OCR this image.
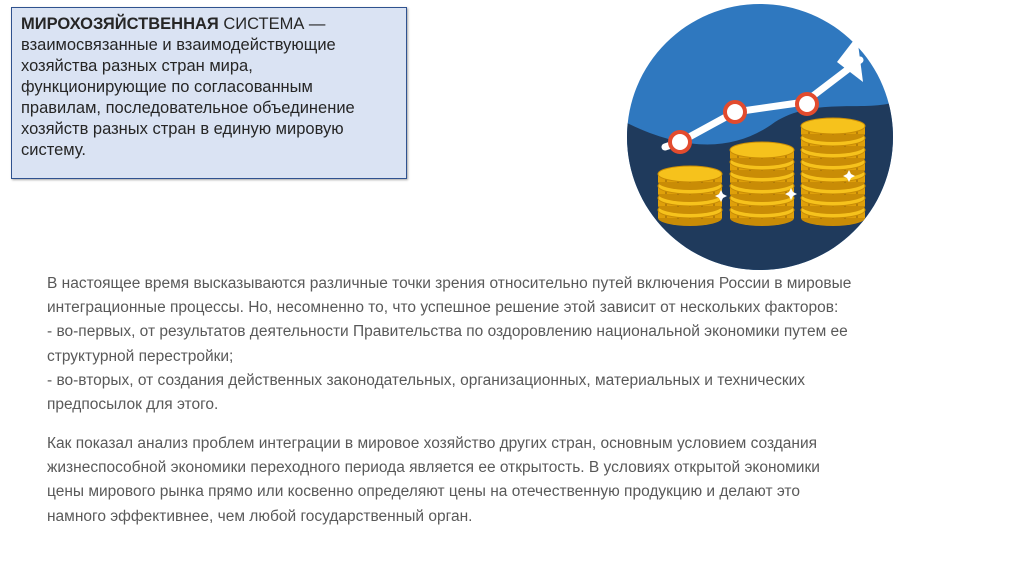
МИРОХОЗЯЙСТВЕННАЯ СИСТЕМА —
взаимосвязанные и взаимодействующие
хозяйства разных стран мира,
функционирующие по согласованным
правилам, последовательное объединение
хозяйств разных стран в единую мировую
систему.
В настоящее время высказываются различные точки зрения относительно путей включения России в мировые
интеграционные процессы. Но, несомненно то, что успешное решение этой зависит от нескольких факторов:
- во-первых, от результатов деятельности Правительства по оздоровлению национальной экономики путем ее
структурной перестройки;
- во-вторых, от создания действенных законодательных, организационных, материальных и технических
предпосылок для этого.
Как показал анализ проблем интеграции в мировое хозяйство других стран, основным условием создания
жизнеспособной экономики переходного периода является ее открытость. В условиях открытой экономики
цены мирового рынка прямо или косвенно определяют цены на отечественную продукцию и делают это
намного эффективнее, чем любой государственный орган.
